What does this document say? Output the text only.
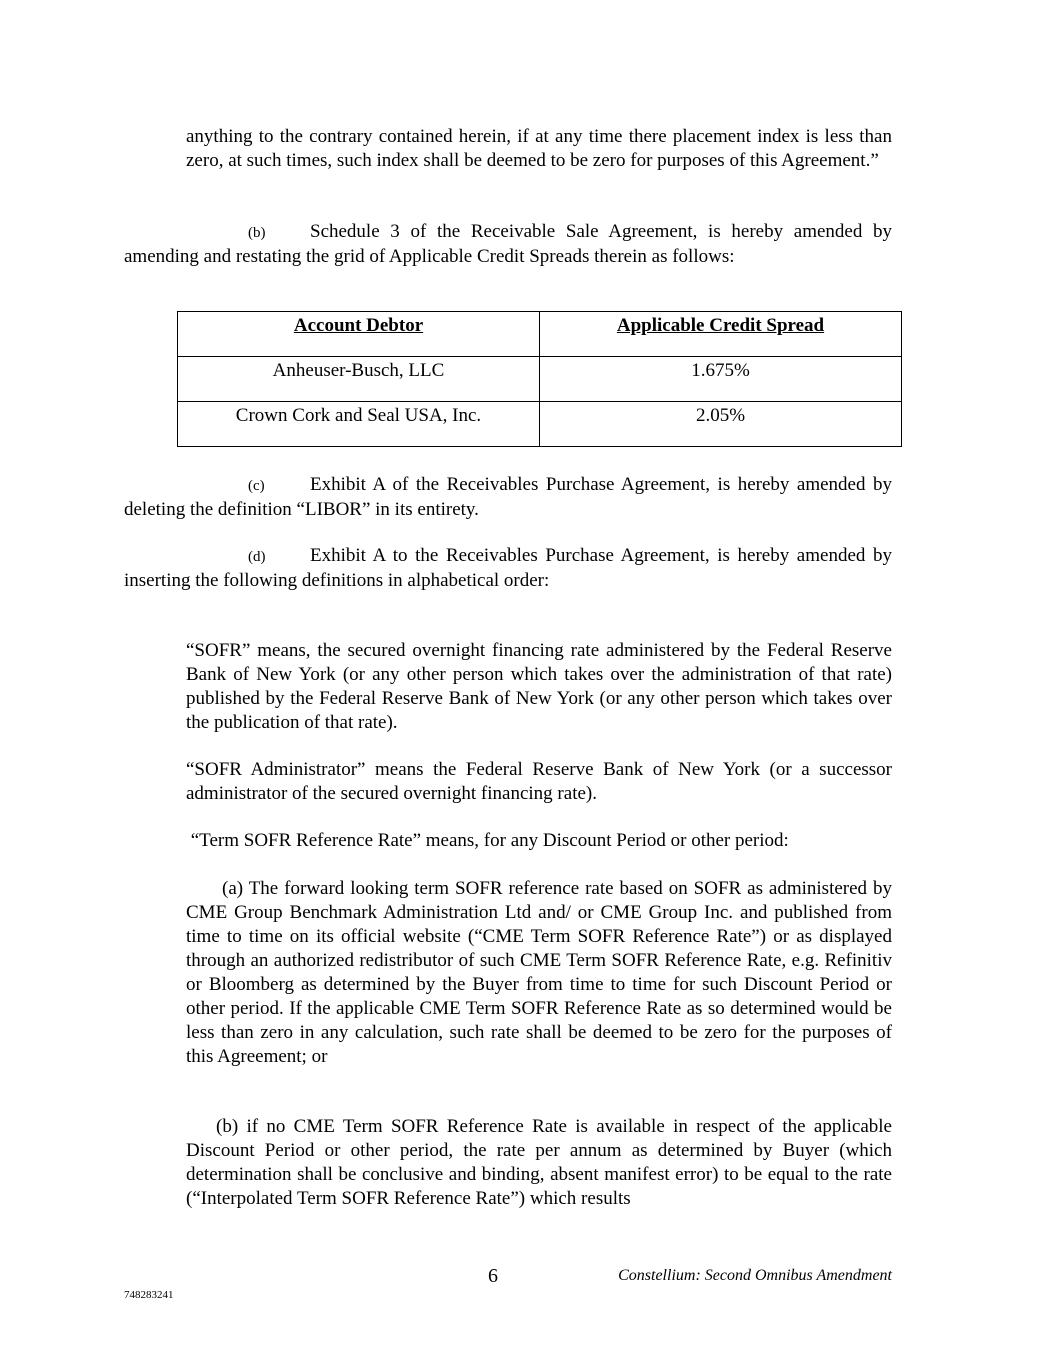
anything to the contrary contained herein, if at any time there placement index is less than zero, at such times, such index shall be deemed to be zero for purposes of this Agreement.”

(b) Schedule 3 of the Receivable Sale Agreement, is hereby amended by amending and restating the grid of Applicable Credit Spreads therein as follows:

Account Debtor	Applicable Credit Spread
Anheuser-Busch, LLC	1.675%
Crown Cork and Seal USA, Inc.	2.05%

(c) Exhibit A of the Receivables Purchase Agreement, is hereby amended by deleting the definition “LIBOR” in its entirety.

(d) Exhibit A to the Receivables Purchase Agreement, is hereby amended by inserting the following definitions in alphabetical order:

“SOFR” means, the secured overnight financing rate administered by the Federal Reserve Bank of New York (or any other person which takes over the administration of that rate) published by the Federal Reserve Bank of New York (or any other person which takes over the publication of that rate).

“SOFR Administrator” means the Federal Reserve Bank of New York (or a successor administrator of the secured overnight financing rate).

“Term SOFR Reference Rate” means, for any Discount Period or other period:

(a) The forward looking term SOFR reference rate based on SOFR as administered by CME Group Benchmark Administration Ltd and/ or CME Group Inc. and published from time to time on its official website (“CME Term SOFR Reference Rate”) or as displayed through an authorized redistributor of such CME Term SOFR Reference Rate, e.g. Refinitiv or Bloomberg as determined by the Buyer from time to time for such Discount Period or other period. If the applicable CME Term SOFR Reference Rate as so determined would be less than zero in any calculation, such rate shall be deemed to be zero for the purposes of this Agreement; or

(b) if no CME Term SOFR Reference Rate is available in respect of the applicable Discount Period or other period, the rate per annum as determined by Buyer (which determination shall be conclusive and binding, absent manifest error) to be equal to the rate (“Interpolated Term SOFR Reference Rate”) which results

6	Constellium: Second Omnibus Amendment
748283241
